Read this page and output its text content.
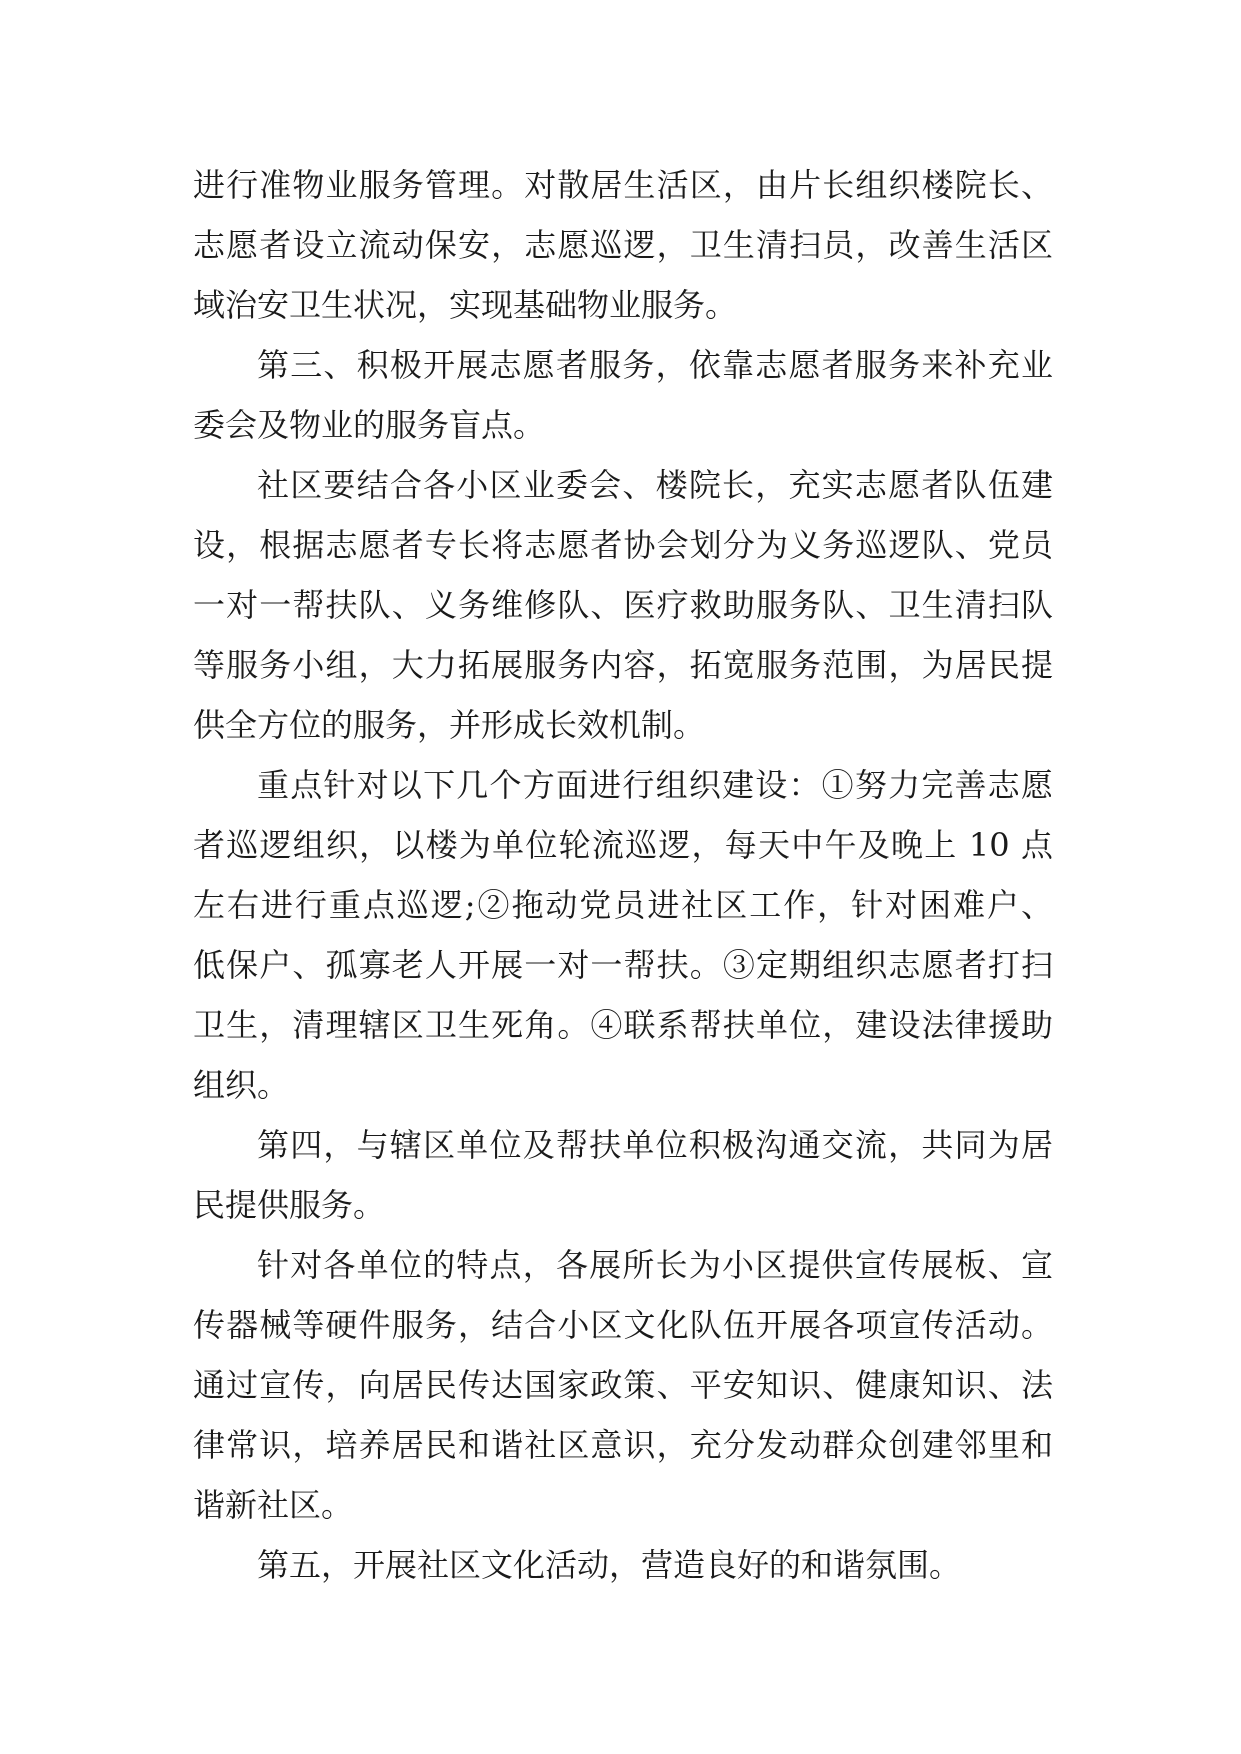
进行准物业服务管理。对散居生活区，由片长组织楼院长、
志愿者设立流动保安，志愿巡逻，卫生清扫员，改善生活区
域治安卫生状况，实现基础物业服务。
第三、积极开展志愿者服务，依靠志愿者服务来补充业
委会及物业的服务盲点。
社区要结合各小区业委会、楼院长，充实志愿者队伍建
设，根据志愿者专长将志愿者协会划分为义务巡逻队、党员
一对一帮扶队、义务维修队、医疗救助服务队、卫生清扫队
等服务小组，大力拓展服务内容，拓宽服务范围，为居民提
供全方位的服务，并形成长效机制。
重点针对以下几个方面进行组织建设：①努力完善志愿
者巡逻组织，以楼为单位轮流巡逻，每天中午及晚上 10 点
左右进行重点巡逻;②拖动党员进社区工作，针对困难户、
低保户、孤寡老人开展一对一帮扶。③定期组织志愿者打扫
卫生，清理辖区卫生死角。④联系帮扶单位，建设法律援助
组织。
第四，与辖区单位及帮扶单位积极沟通交流，共同为居
民提供服务。
针对各单位的特点，各展所长为小区提供宣传展板、宣
传器械等硬件服务，结合小区文化队伍开展各项宣传活动。
通过宣传，向居民传达国家政策、平安知识、健康知识、法
律常识，培养居民和谐社区意识，充分发动群众创建邻里和
谐新社区。
第五，开展社区文化活动，营造良好的和谐氛围。
